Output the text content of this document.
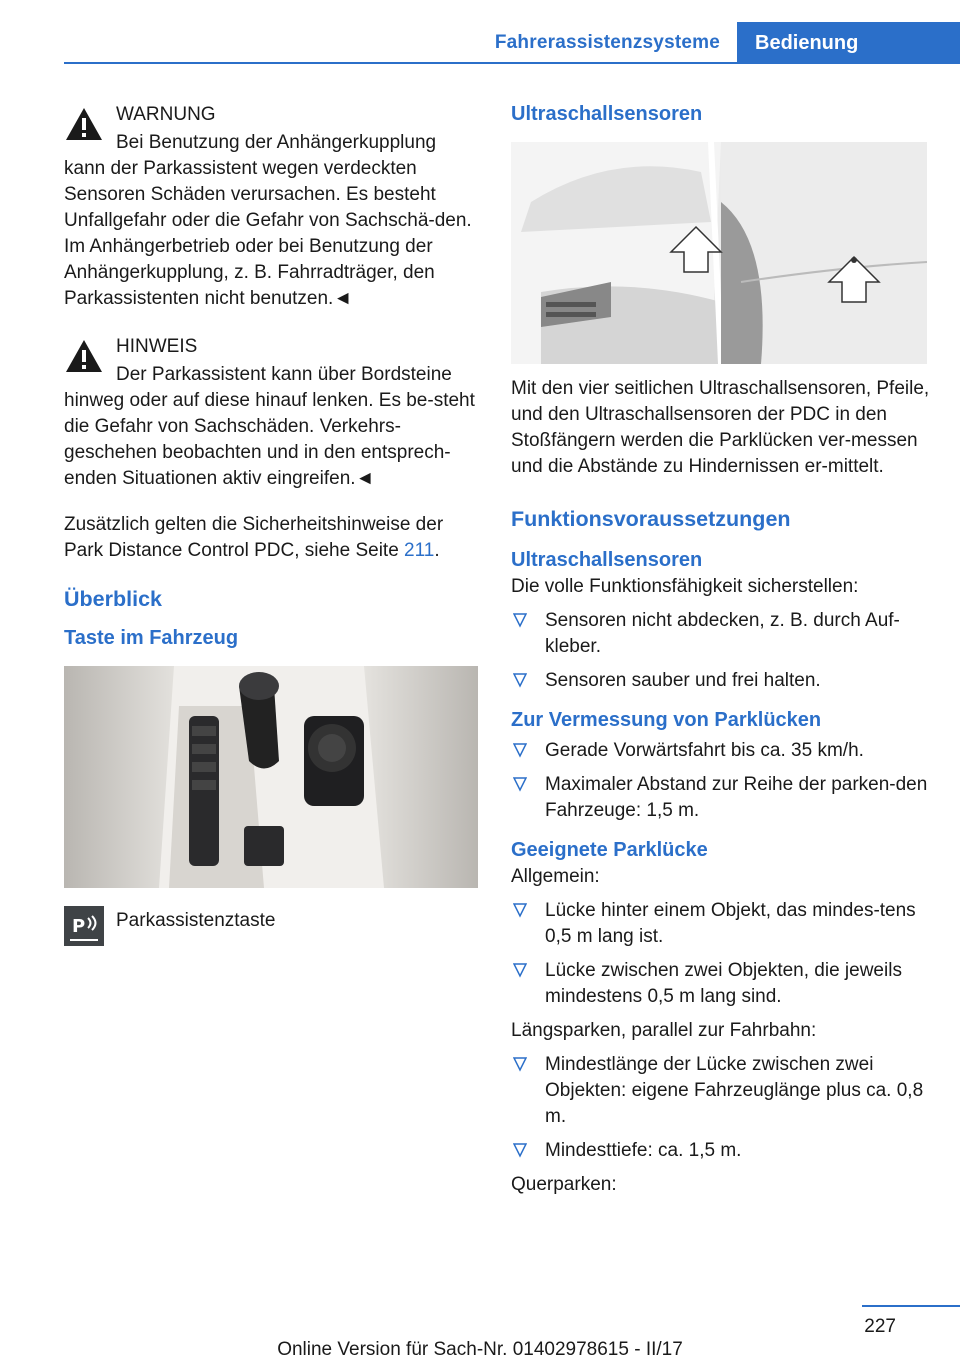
Fahrerassistenzsysteme	Bedienung
WARNUNG

Bei Benutzung der Anhängerkupplung kann der Parkassistent wegen verdeckten Sensoren Schäden verursachen. Es besteht Unfallgefahr oder die Gefahr von Sachschä-den. Im Anhängerbetrieb oder bei Benutzung der Anhängerkupplung, z. B. Fahrradträger, den Parkassistenten nicht benutzen.◄

HINWEIS

Der Parkassistent kann über Bordsteine hinweg oder auf diese hinauf lenken. Es be-steht die Gefahr von Sachschäden. Verkehrs-geschehen beobachten und in den entsprech-enden Situationen aktiv eingreifen.◄

Zusätzlich gelten die Sicherheitshinweise der Park Distance Control PDC, siehe Seite 211.

Überblick
Taste im Fahrzeug
P Parkassistenztaste
Ultraschallsensoren

Mit den vier seitlichen Ultraschallsensoren, Pfeile, und den Ultraschallsensoren der PDC in den Stoßfängern werden die Parklücken ver-messen und die Abstände zu Hindernissen er-mittelt.

Funktionsvoraussetzungen
Ultraschallsensoren

Die volle Funktionsfähigkeit sicherstellen:

Sensoren nicht abdecken, z. B. durch Auf-kleber.
Sensoren sauber und frei halten.
Zur Vermessung von Parklücken
Gerade Vorwärtsfahrt bis ca. 35 km/h.
Maximaler Abstand zur Reihe der parken-den Fahrzeuge: 1,5 m.
Geeignete Parklücke

Allgemein:

Lücke hinter einem Objekt, das mindes-tens 0,5 m lang ist.
Lücke zwischen zwei Objekten, die jeweils mindestens 0,5 m lang sind.

Längsparken, parallel zur Fahrbahn:

Mindestlänge der Lücke zwischen zwei Objekten: eigene Fahrzeuglänge plus ca. 0,8 m.
Mindesttiefe: ca. 1,5 m.

Querparken:

227
Online Version für Sach-Nr. 01402978615 - II/17
